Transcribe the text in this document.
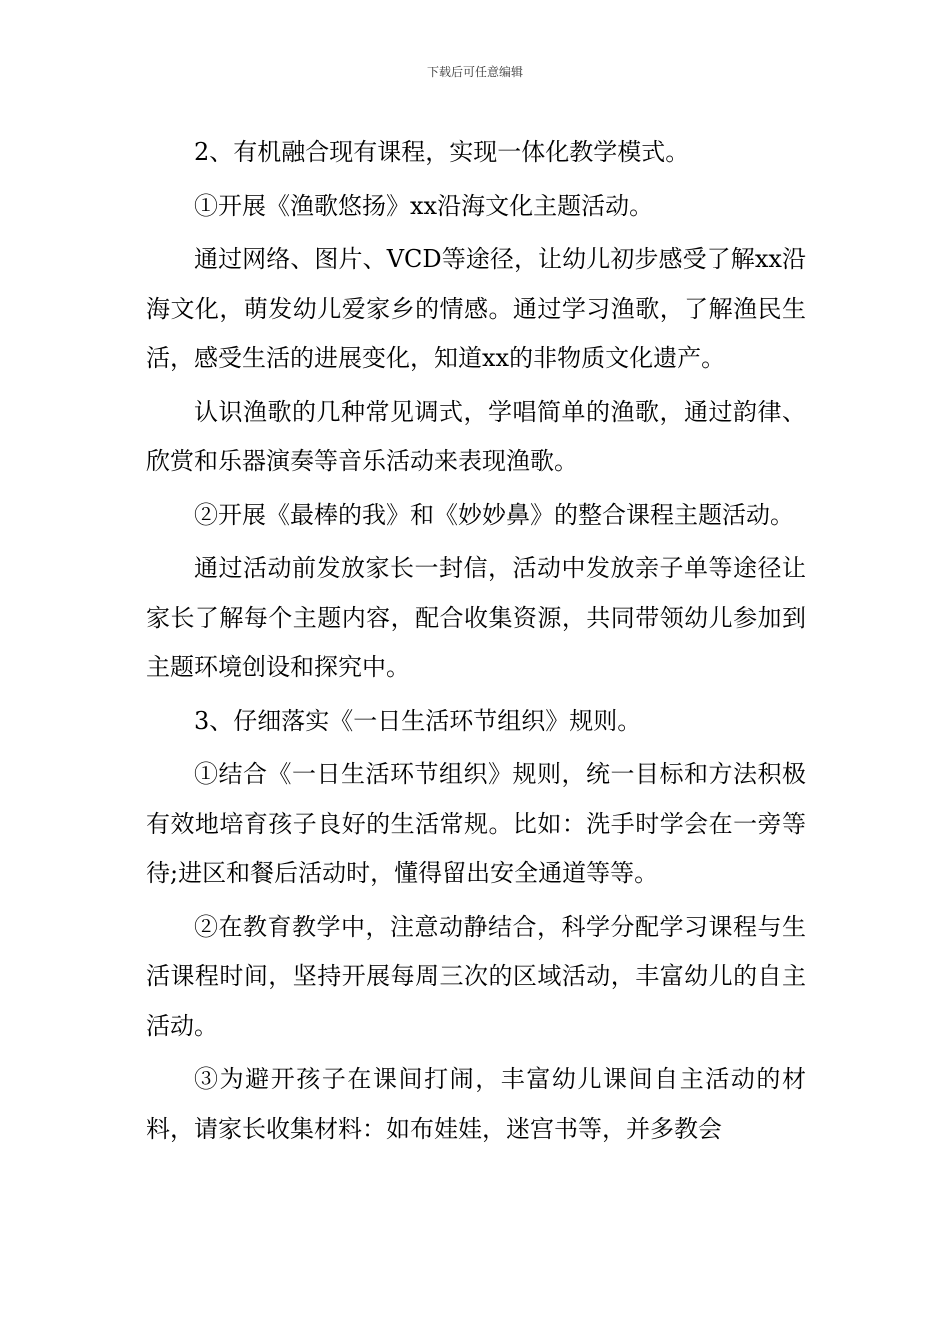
下载后可任意编辑

2、有机融合现有课程，实现一体化教学模式。

①开展《渔歌悠扬》xx沿海文化主题活动。

通过网络、图片、VCD等途径，让幼儿初步感受了解xx沿海文化，萌发幼儿爱家乡的情感。通过学习渔歌，了解渔民生活，感受生活的进展变化，知道xx的非物质文化遗产。

认识渔歌的几种常见调式，学唱简单的渔歌，通过韵律、欣赏和乐器演奏等音乐活动来表现渔歌。

②开展《最棒的我》和《妙妙鼻》的整合课程主题活动。

通过活动前发放家长一封信，活动中发放亲子单等途径让家长了解每个主题内容，配合收集资源，共同带领幼儿参加到主题环境创设和探究中。

3、仔细落实《一日生活环节组织》规则。

①结合《一日生活环节组织》规则，统一目标和方法积极有效地培育孩子良好的生活常规。比如：洗手时学会在一旁等待;进区和餐后活动时，懂得留出安全通道等等。

②在教育教学中，注意动静结合，科学分配学习课程与生活课程时间，坚持开展每周三次的区域活动，丰富幼儿的自主活动。

③为避开孩子在课间打闹，丰富幼儿课间自主活动的材料，请家长收集材料：如布娃娃，迷宫书等，并多教会
